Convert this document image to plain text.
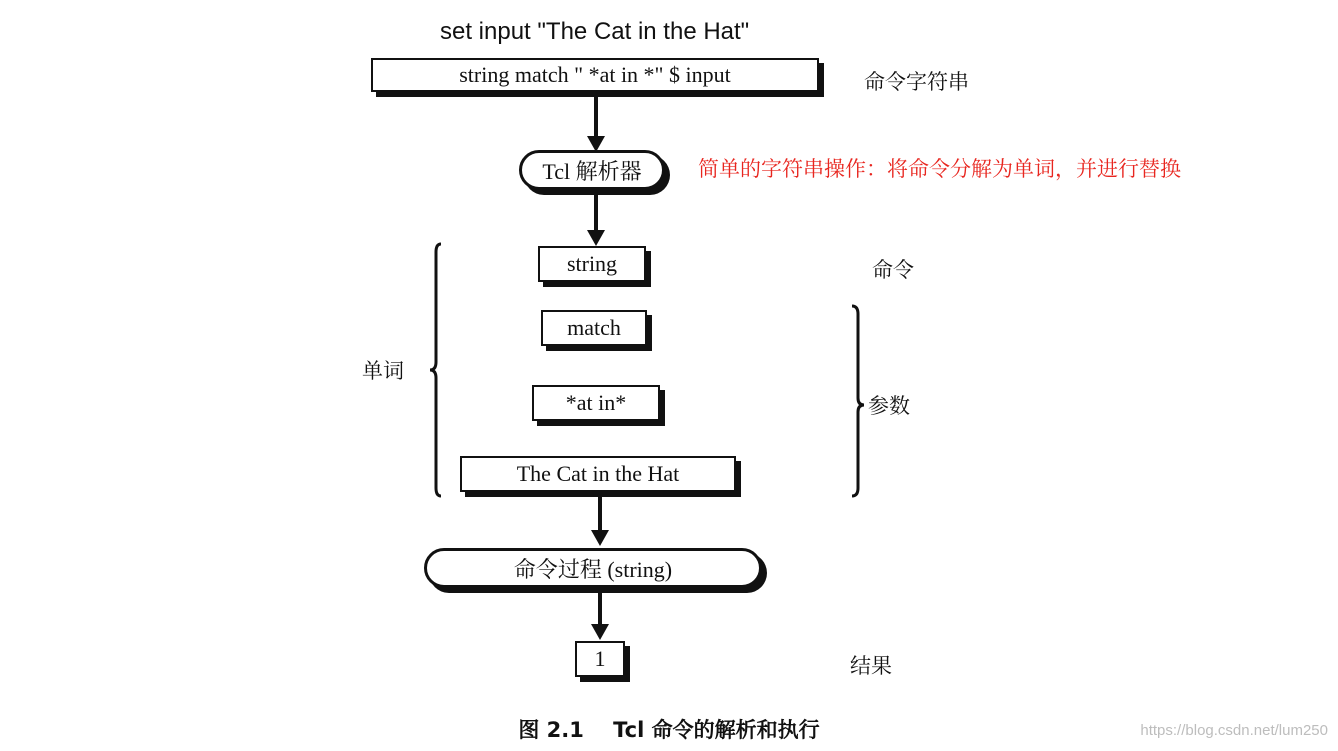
set input "The Cat in the Hat"
string match " *at in *" $ input	命令字符串
Tcl 解析器	简单的字符串操作：将命令分解为单词，并进行替换
string	命令
match
单词
*at in*	参数
The Cat in the Hat
命令过程 (string)
1	结果
图 2.1    Tcl 命令的解析和执行	https://blog.csdn.net/lum250
